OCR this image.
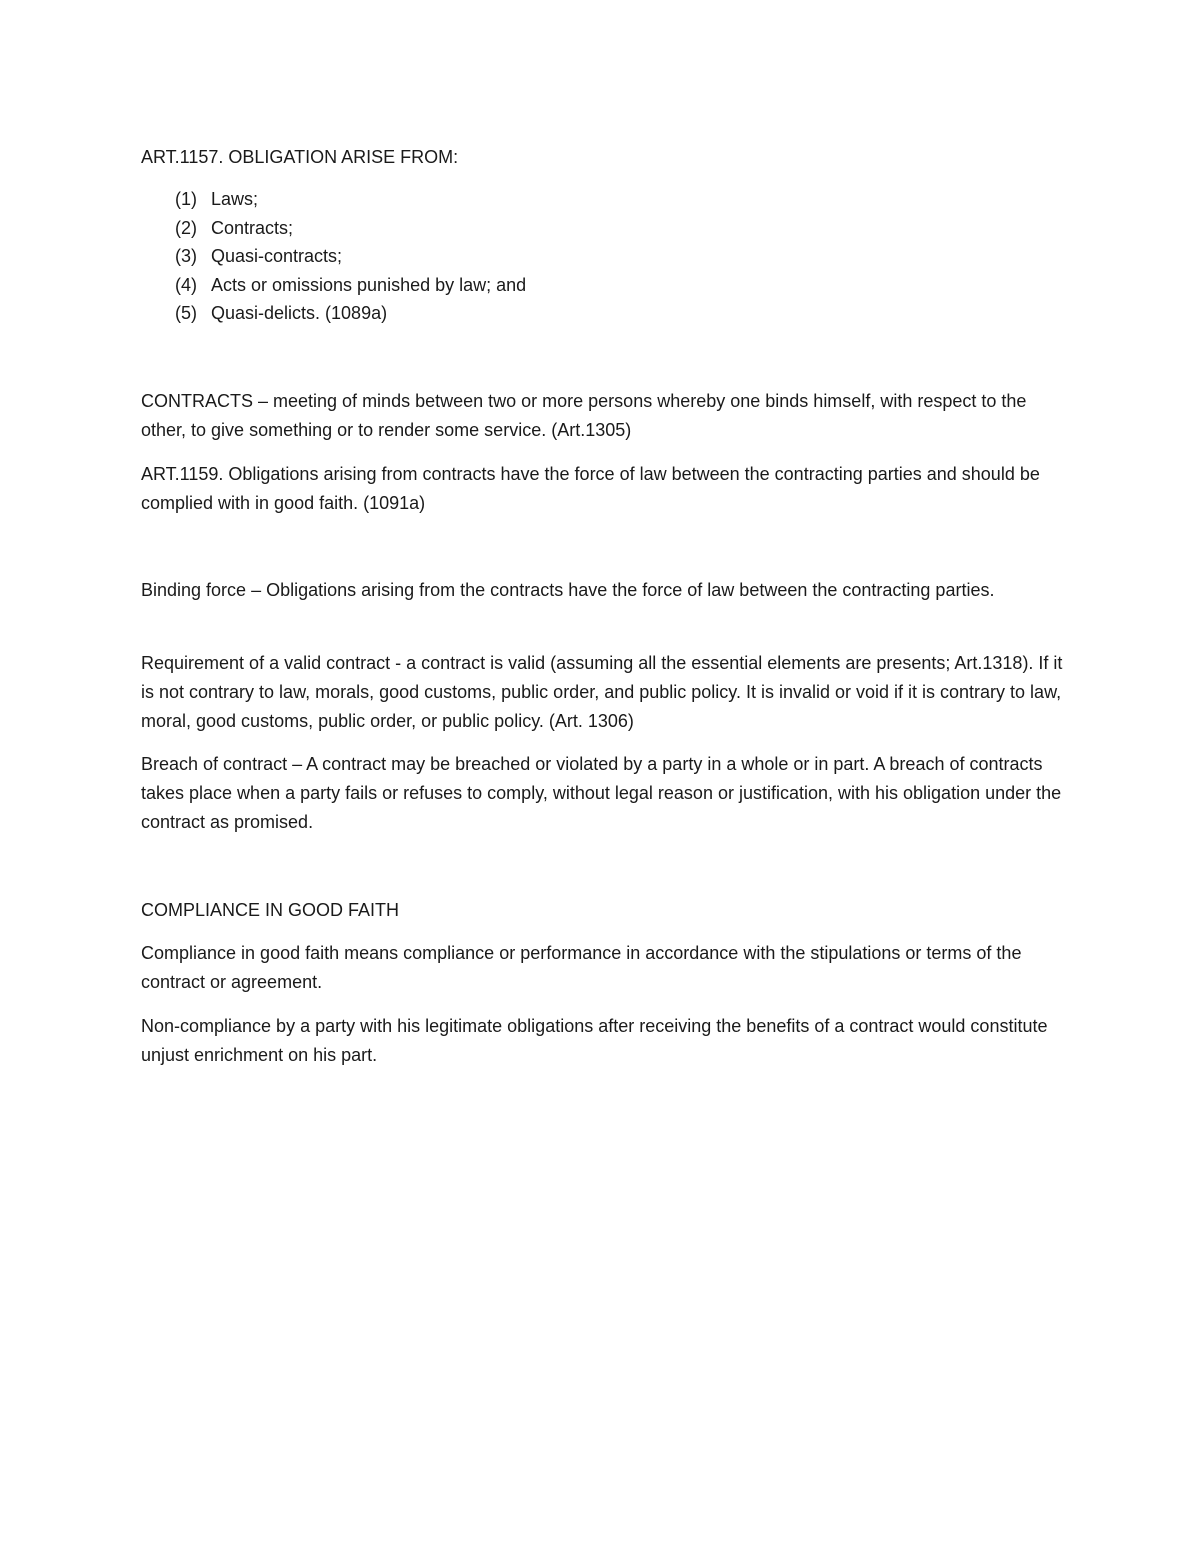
ART.1157. OBLIGATION ARISE FROM:

(1) Laws;
(2) Contracts;
(3) Quasi-contracts;
(4) Acts or omissions punished by law; and
(5) Quasi-delicts. (1089a)

CONTRACTS – meeting of minds between two or more persons whereby one binds himself, with respect to the other, to give something or to render some service. (Art.1305)

ART.1159. Obligations arising from contracts have the force of law between the contracting parties and should be complied with in good faith. (1091a)

Binding force – Obligations arising from the contracts have the force of law between the contracting parties.

Requirement of a valid contract - a contract is valid (assuming all the essential elements are presents; Art.1318). If it is not contrary to law, morals, good customs, public order, and public policy. It is invalid or void if it is contrary to law, moral, good customs, public order, or public policy. (Art. 1306)

Breach of contract – A contract may be breached or violated by a party in a whole or in part. A breach of contracts takes place when a party fails or refuses to comply, without legal reason or justification, with his obligation under the contract as promised.

COMPLIANCE IN GOOD FAITH

Compliance in good faith means compliance or performance in accordance with the stipulations or terms of the contract or agreement.

Non-compliance by a party with his legitimate obligations after receiving the benefits of a contract would constitute unjust enrichment on his part.
